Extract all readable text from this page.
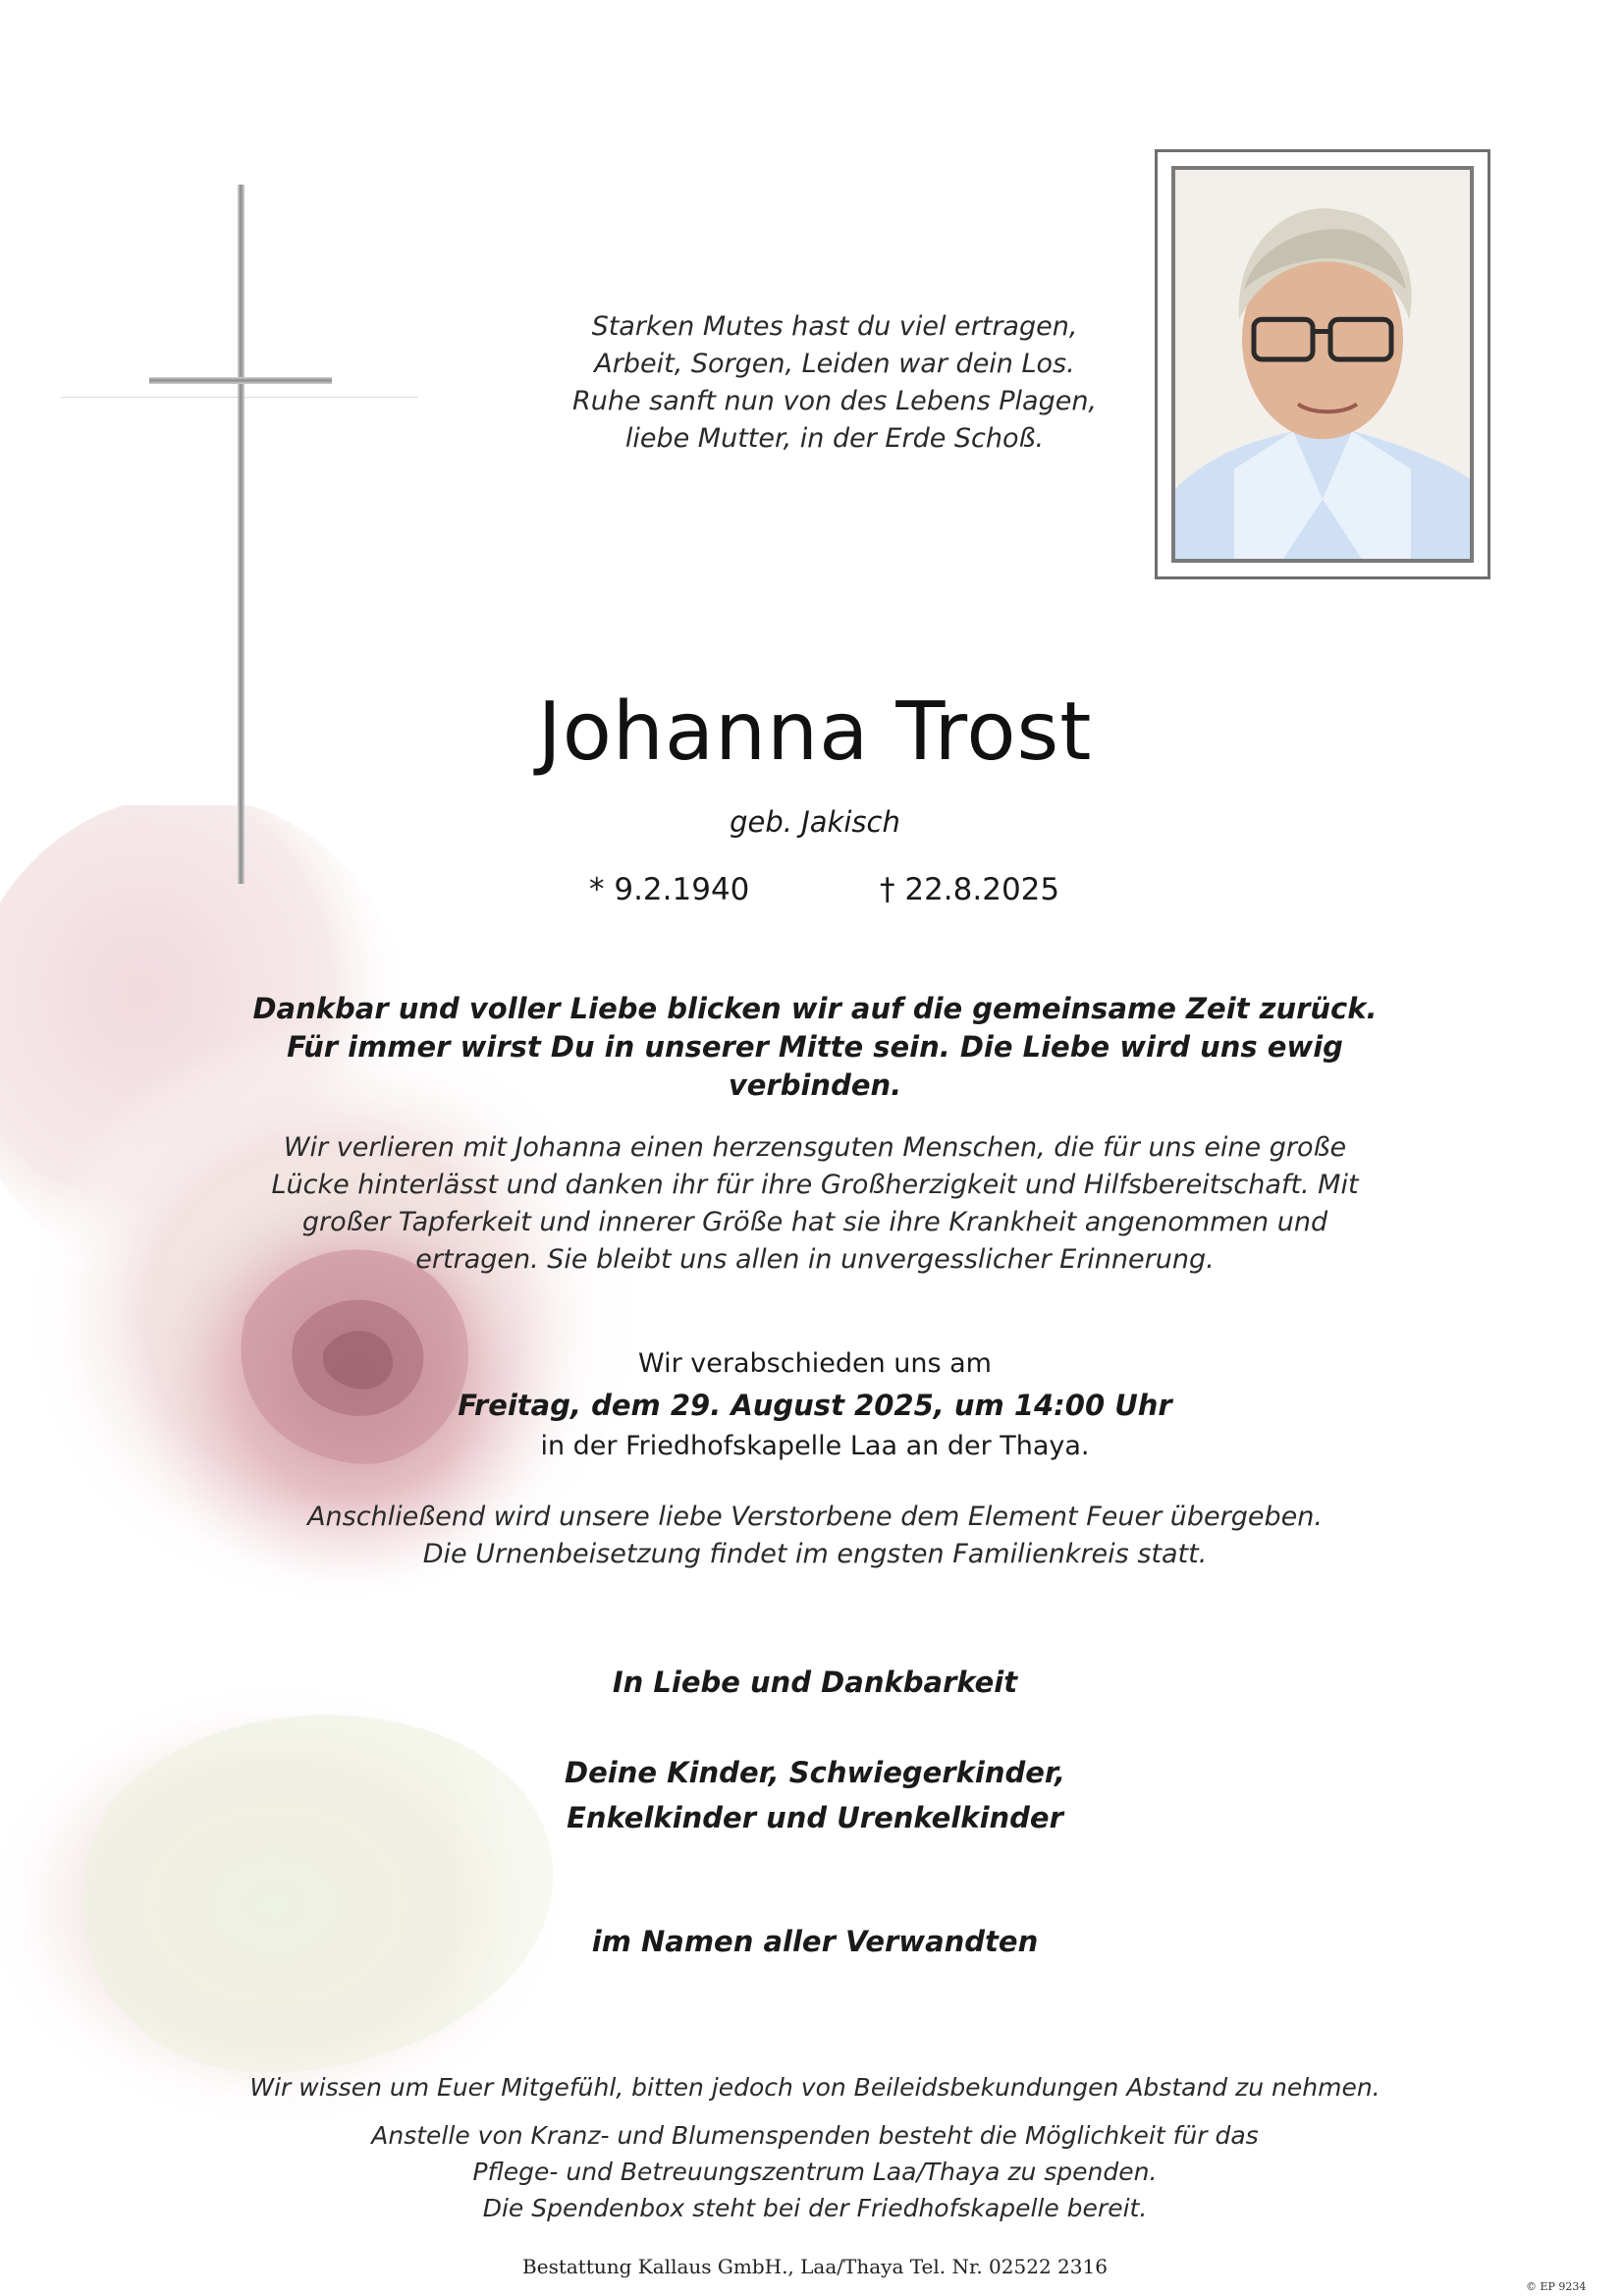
Starken Mutes hast du viel ertragen,
Arbeit, Sorgen, Leiden war dein Los.
Ruhe sanft nun von des Lebens Plagen,
liebe Mutter, in der Erde Schoß.
Johanna Trost
geb. Jakisch
* 9.2.1940	† 22.8.2025
Dankbar und voller Liebe blicken wir auf die gemeinsame Zeit zurück.
Für immer wirst Du in unserer Mitte sein. Die Liebe wird uns ewig verbinden.
Wir verlieren mit Johanna einen herzensguten Menschen, die für uns eine große
Lücke hinterlässt und danken ihr für ihre Großherzigkeit und Hilfsbereitschaft. Mit
großer Tapferkeit und innerer Größe hat sie ihre Krankheit angenommen und
ertragen. Sie bleibt uns allen in unvergesslicher Erinnerung.
Wir verabschieden uns am
Freitag, dem 29. August 2025, um 14:00 Uhr
in der Friedhofskapelle Laa an der Thaya.
Anschließend wird unsere liebe Verstorbene dem Element Feuer übergeben.
Die Urnenbeisetzung findet im engsten Familienkreis statt.
In Liebe und Dankbarkeit
Deine Kinder, Schwiegerkinder,
Enkelkinder und Urenkelkinder
im Namen aller Verwandten
Wir wissen um Euer Mitgefühl, bitten jedoch von Beileidsbekundungen Abstand zu nehmen.
Anstelle von Kranz- und Blumenspenden besteht die Möglichkeit für das
Pflege- und Betreuungszentrum Laa/Thaya zu spenden.
Die Spendenbox steht bei der Friedhofskapelle bereit.
Bestattung Kallaus GmbH., Laa/Thaya Tel. Nr. 02522 2316
© EP 9234
